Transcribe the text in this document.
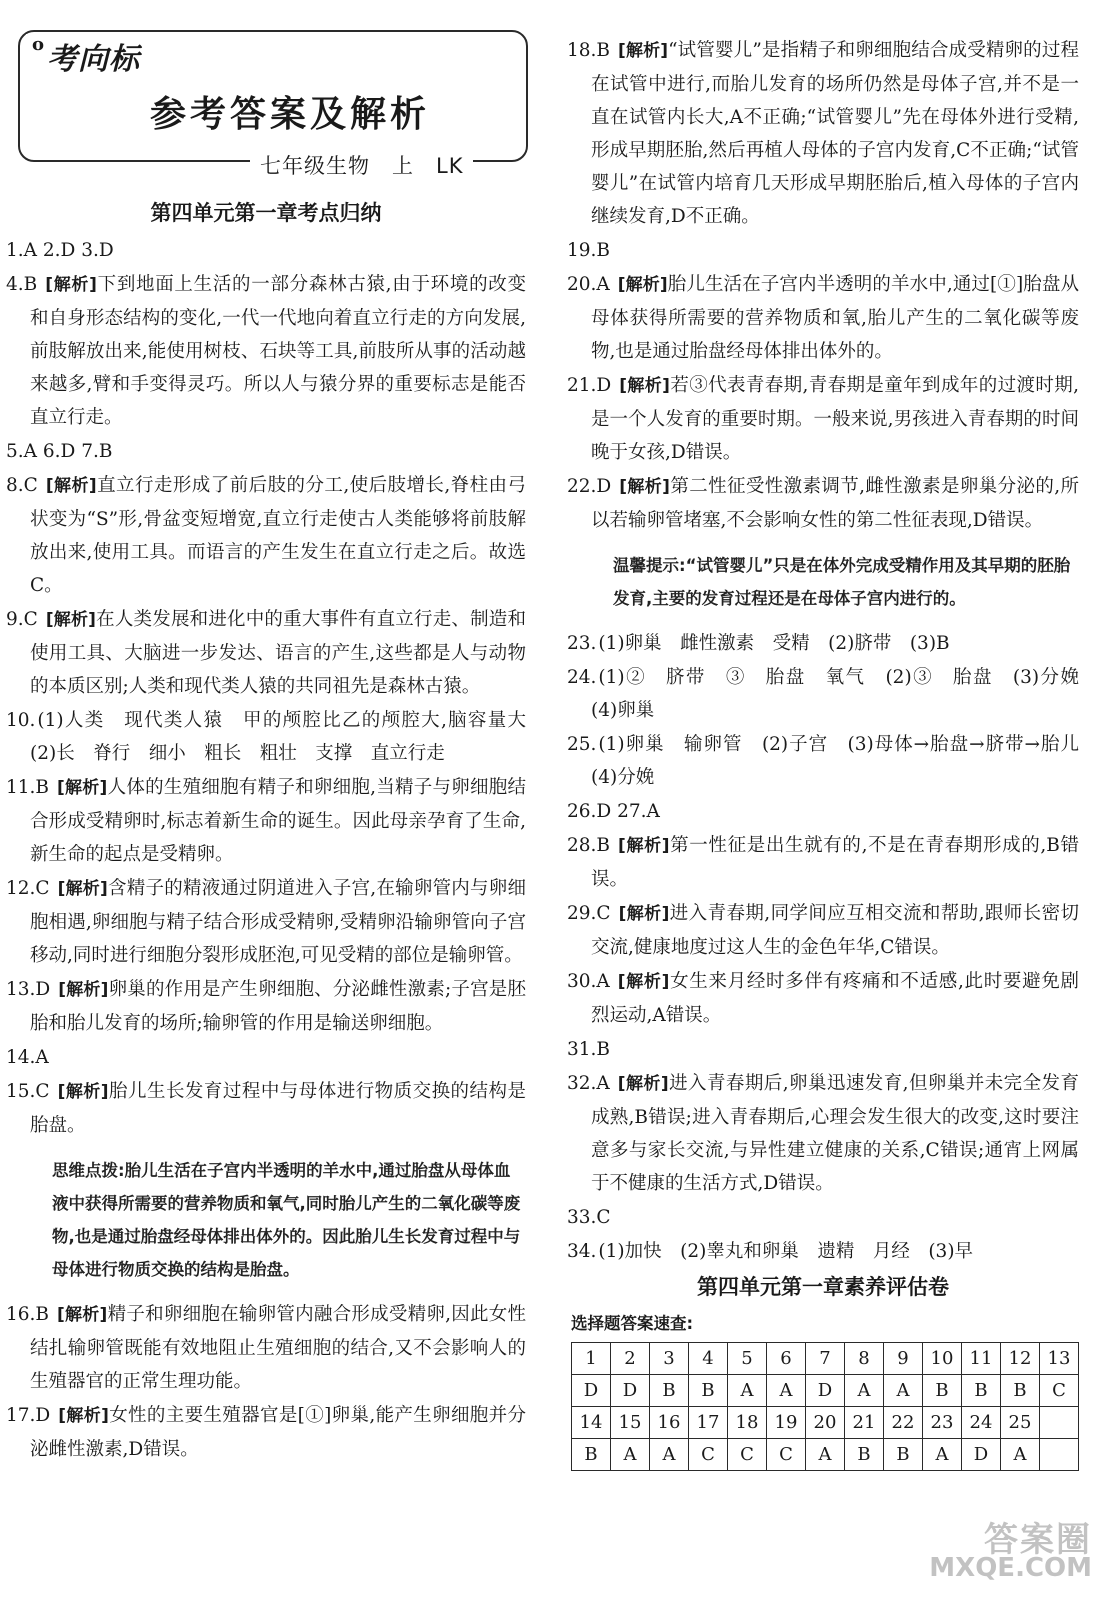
$^o$考向标
参考答案及解析
七年级生物 上 LK
第四单元第一章考点归纳
1.A 2.D 3.D
4.B [解析]下到地面上生活的一部分森林古猿,由于环境的改变和自身形态结构的变化,一代一代地向着直立行走的方向发展,前肢解放出来,能使用树枝、石块等工具,前肢所从事的活动越来越多,臂和手变得灵巧。所以人与猿分界的重要标志是能否直立行走。
5.A 6.D 7.B
8.C [解析]直立行走形成了前后肢的分工,使后肢增长,脊柱由弓状变为“S”形,骨盆变短增宽,直立行走使古人类能够将前肢解放出来,使用工具。而语言的产生发生在直立行走之后。故选C。
9.C [解析]在人类发展和进化中的重大事件有直立行走、制造和使用工具、大脑进一步发达、语言的产生,这些都是人与动物的本质区别;人类和现代类人猿的共同祖先是森林古猿。
10. (1)人类　现代类人猿　甲的颅腔比乙的颅腔大,脑容量大　(2)长　脊行　细小　粗长　粗壮　支撑　直立行走
11.B [解析]人体的生殖细胞有精子和卵细胞,当精子与卵细胞结合形成受精卵时,标志着新生命的诞生。因此母亲孕育了生命,新生命的起点是受精卵。
12.C [解析]含精子的精液通过阴道进入子宫,在输卵管内与卵细胞相遇,卵细胞与精子结合形成受精卵,受精卵沿输卵管向子宫移动,同时进行细胞分裂形成胚泡,可见受精的部位是输卵管。
13.D [解析]卵巢的作用是产生卵细胞、分泌雌性激素;子宫是胚胎和胎儿发育的场所;输卵管的作用是输送卵细胞。
14.A
15.C [解析]胎儿生长发育过程中与母体进行物质交换的结构是胎盘。
思维点拨:胎儿生活在子宫内半透明的羊水中,通过胎盘从母体血液中获得所需要的营养物质和氧气,同时胎儿产生的二氧化碳等废物,也是通过胎盘经母体排出体外的。因此胎儿生长发育过程中与母体进行物质交换的结构是胎盘。
16.B [解析]精子和卵细胞在输卵管内融合形成受精卵,因此女性结扎输卵管既能有效地阻止生殖细胞的结合,又不会影响人的生殖器官的正常生理功能。
17.D [解析]女性的主要生殖器官是[①]卵巢,能产生卵细胞并分泌雌性激素,D错误。
18.B [解析]“试管婴儿”是指精子和卵细胞结合成受精卵的过程在试管中进行,而胎儿发育的场所仍然是母体子宫,并不是一直在试管内长大,A不正确;“试管婴儿”先在母体外进行受精,形成早期胚胎,然后再植人母体的子宫内发育,C不正确;“试管婴儿”在试管内培育几天形成早期胚胎后,植入母体的子宫内继续发育,D不正确。
19.B
20.A [解析]胎儿生活在子宫内半透明的羊水中,通过[①]胎盘从母体获得所需要的营养物质和氧,胎儿产生的二氧化碳等废物,也是通过胎盘经母体排出体外的。
21.D [解析]若③代表青春期,青春期是童年到成年的过渡时期,是一个人发育的重要时期。一般来说,男孩进入青春期的时间晚于女孩,D错误。
22.D [解析]第二性征受性激素调节,雌性激素是卵巢分泌的,所以若输卵管堵塞,不会影响女性的第二性征表现,D错误。
温馨提示:“试管婴儿”只是在体外完成受精作用及其早期的胚胎发育,主要的发育过程还是在母体子宫内进行的。
23. (1)卵巢　雌性激素　受精　(2)脐带　(3)B
24. (1)②　脐带　③　胎盘　氧气　(2)③　胎盘　(3)分娩　(4)卵巢
25. (1)卵巢　输卵管　(2)子宫　(3)母体→胎盘→脐带→胎儿　(4)分娩
26.D 27.A
28.B [解析]第一性征是出生就有的,不是在青春期形成的,B错误。
29.C [解析]进入青春期,同学间应互相交流和帮助,跟师长密切交流,健康地度过这人生的金色年华,C错误。
30.A [解析]女生来月经时多伴有疼痛和不适感,此时要避免剧烈运动,A错误。
31.B
32.A [解析]进入青春期后,卵巢迅速发育,但卵巢并未完全发育成熟,B错误;进入青春期后,心理会发生很大的改变,这时要注意多与家长交流,与异性建立健康的关系,C错误;通宵上网属于不健康的生活方式,D错误。
33.C
34. (1)加快　(2)睾丸和卵巢　遗精　月经　(3)早
第四单元第一章素养评估卷
选择题答案速查:
1	2	3	4	5	6	7	8	9	10	11	12	13
D	D	B	B	A	A	D	A	A	B	B	B	C
14	15	16	17	18	19	20	21	22	23	24	25	
B	A	A	C	C	C	A	B	B	A	D	A	
答案圈
MXQE.COM
